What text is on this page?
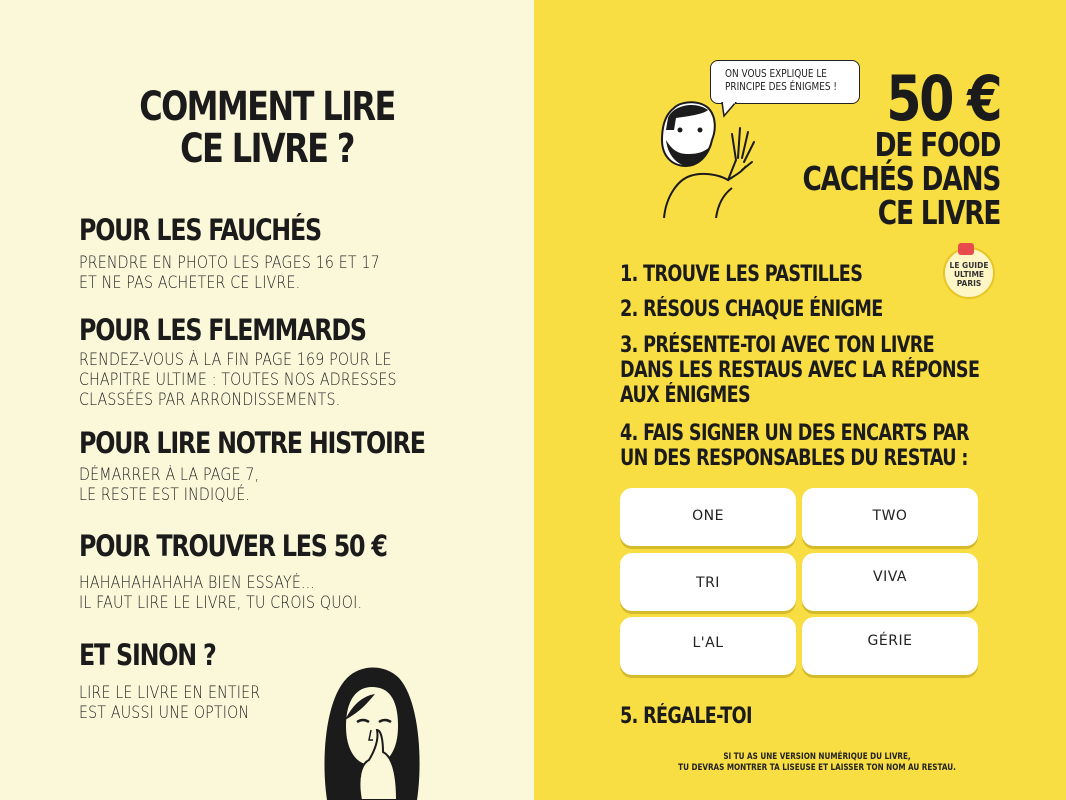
COMMENT LIRE
CE LIVRE ?
POUR LES FAUCHÉS
PRENDRE EN PHOTO LES PAGES 16 ET 17
ET NE PAS ACHETER CE LIVRE.
POUR LES FLEMMARDS
RENDEZ-VOUS À LA FIN PAGE 169 POUR LE
CHAPITRE ULTIME : TOUTES NOS ADRESSES
CLASSÉES PAR ARRONDISSEMENTS.
POUR LIRE NOTRE HISTOIRE
DÉMARRER À LA PAGE 7,
LE RESTE EST INDIQUÉ.
POUR TROUVER LES 50 €
HAHAHAHAHAHA BIEN ESSAYÉ...
IL FAUT LIRE LE LIVRE, TU CROIS QUOI.
ET SINON ?
LIRE LE LIVRE EN ENTIER
EST AUSSI UNE OPTION
ON VOUS EXPLIQUE LE
PRINCIPE DES ÉNIGMES ! 50 €
DE FOOD
CACHÉS DANS
CE LIVRE
LE GUIDE
ULTIME
PARIS
1. TROUVE LES PASTILLES
2. RÉSOUS CHAQUE ÉNIGME
3. PRÉSENTE-TOI AVEC TON LIVRE
DANS LES RESTAUS AVEC LA RÉPONSE
AUX ÉNIGMES
4. FAIS SIGNER UN DES ENCARTS PAR
UN DES RESPONSABLES DU RESTAU :
ONE	TWO
TRI	VIVA
L'AL	GÉRIE
5. RÉGALE-TOI
SI TU AS UNE VERSION NUMÉRIQUE DU LIVRE,
TU DEVRAS MONTRER TA LISEUSE ET LAISSER TON NOM AU RESTAU.
